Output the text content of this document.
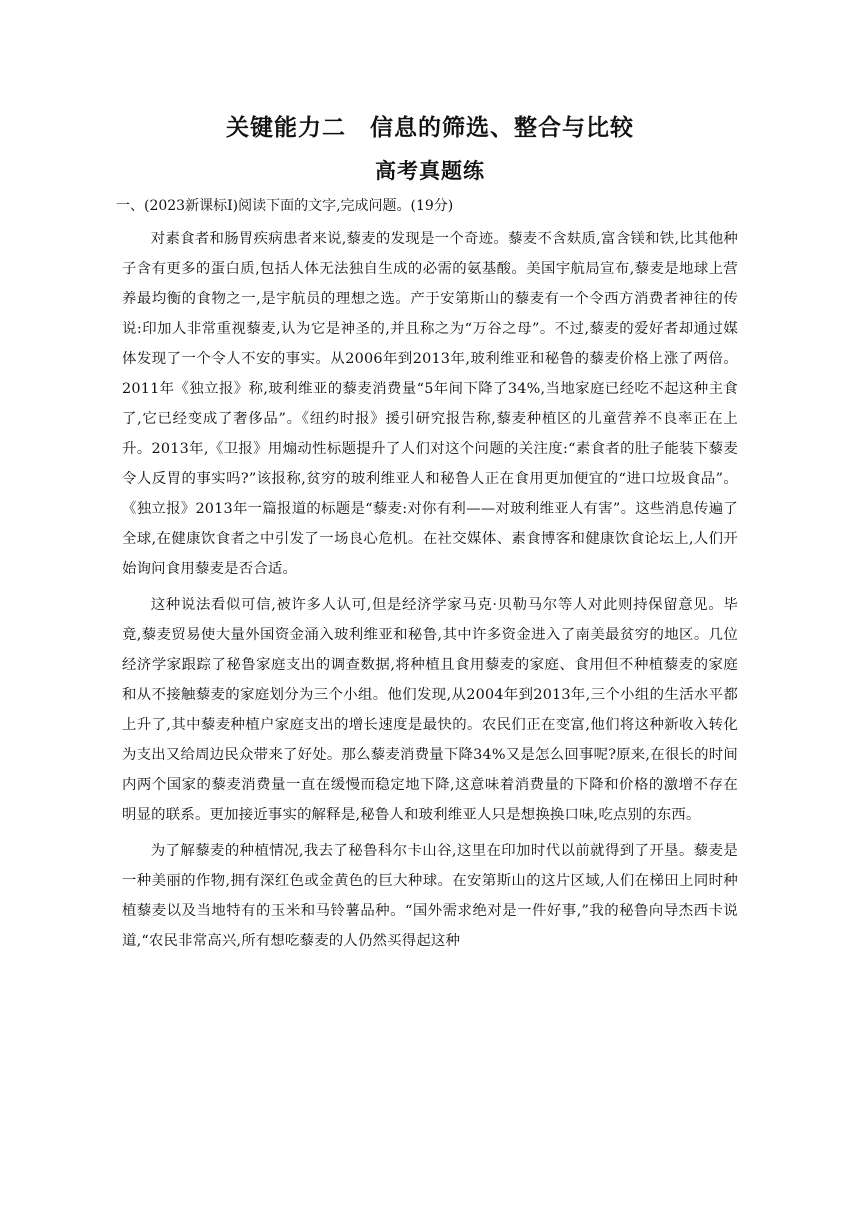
关键能力二　信息的筛选、整合与比较
高考真题练
一、(2023新课标Ⅰ)阅读下面的文字,完成问题。(19分)

对素食者和肠胃疾病患者来说,藜麦的发现是一个奇迹。藜麦不含麸质,富含镁和铁,比其他种子含有更多的蛋白质,包括人体无法独自生成的必需的氨基酸。美国宇航局宣布,藜麦是地球上营养最均衡的食物之一,是宇航员的理想之选。产于安第斯山的藜麦有一个令西方消费者神往的传说:印加人非常重视藜麦,认为它是神圣的,并且称之为“万谷之母”。不过,藜麦的爱好者却通过媒体发现了一个令人不安的事实。从2006年到2013年,玻利维亚和秘鲁的藜麦价格上涨了两倍。2011年《独立报》称,玻利维亚的藜麦消费量“5年间下降了34%,当地家庭已经吃不起这种主食了,它已经变成了奢侈品”。《纽约时报》援引研究报告称,藜麦种植区的儿童营养不良率正在上升。2013年,《卫报》用煽动性标题提升了人们对这个问题的关注度:“素食者的肚子能装下藜麦令人反胃的事实吗?”该报称,贫穷的玻利维亚人和秘鲁人正在食用更加便宜的“进口垃圾食品”。《独立报》2013年一篇报道的标题是“藜麦:对你有利——对玻利维亚人有害”。这些消息传遍了全球,在健康饮食者之中引发了一场良心危机。在社交媒体、素食博客和健康饮食论坛上,人们开始询问食用藜麦是否合适。

这种说法看似可信,被许多人认可,但是经济学家马克·贝勒马尔等人对此则持保留意见。毕竟,藜麦贸易使大量外国资金涌入玻利维亚和秘鲁,其中许多资金进入了南美最贫穷的地区。几位经济学家跟踪了秘鲁家庭支出的调查数据,将种植且食用藜麦的家庭、食用但不种植藜麦的家庭和从不接触藜麦的家庭划分为三个小组。他们发现,从2004年到2013年,三个小组的生活水平都上升了,其中藜麦种植户家庭支出的增长速度是最快的。农民们正在变富,他们将这种新收入转化为支出又给周边民众带来了好处。那么藜麦消费量下降34%又是怎么回事呢?原来,在很长的时间内两个国家的藜麦消费量一直在缓慢而稳定地下降,这意味着消费量的下降和价格的激增不存在明显的联系。更加接近事实的解释是,秘鲁人和玻利维亚人只是想换换口味,吃点别的东西。

为了解藜麦的种植情况,我去了秘鲁科尔卡山谷,这里在印加时代以前就得到了开垦。藜麦是一种美丽的作物,拥有深红色或金黄色的巨大种球。在安第斯山的这片区域,人们在梯田上同时种植藜麦以及当地特有的玉米和马铃薯品种。“国外需求绝对是一件好事,”我的秘鲁向导杰西卡说道,“农民非常高兴,所有想吃藜麦的人仍然买得起这种
